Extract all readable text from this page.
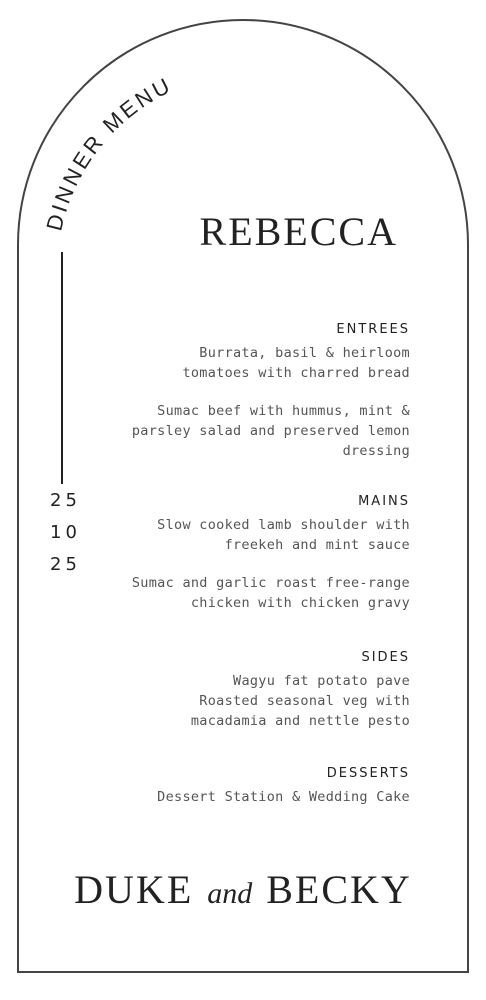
DINNER MENU
25
10
25
REBECCA
ENTREES
Burrata, basil & heirloom
tomatoes with charred bread
Sumac beef with hummus, mint &
parsley salad and preserved lemon
dressing
MAINS
Slow cooked lamb shoulder with
freekeh and mint sauce
Sumac and garlic roast free-range
chicken with chicken gravy
SIDES
Wagyu fat potato pave
Roasted seasonal veg with
macadamia and nettle pesto
DESSERTS
Dessert Station & Wedding Cake
DUKE and BECKY
